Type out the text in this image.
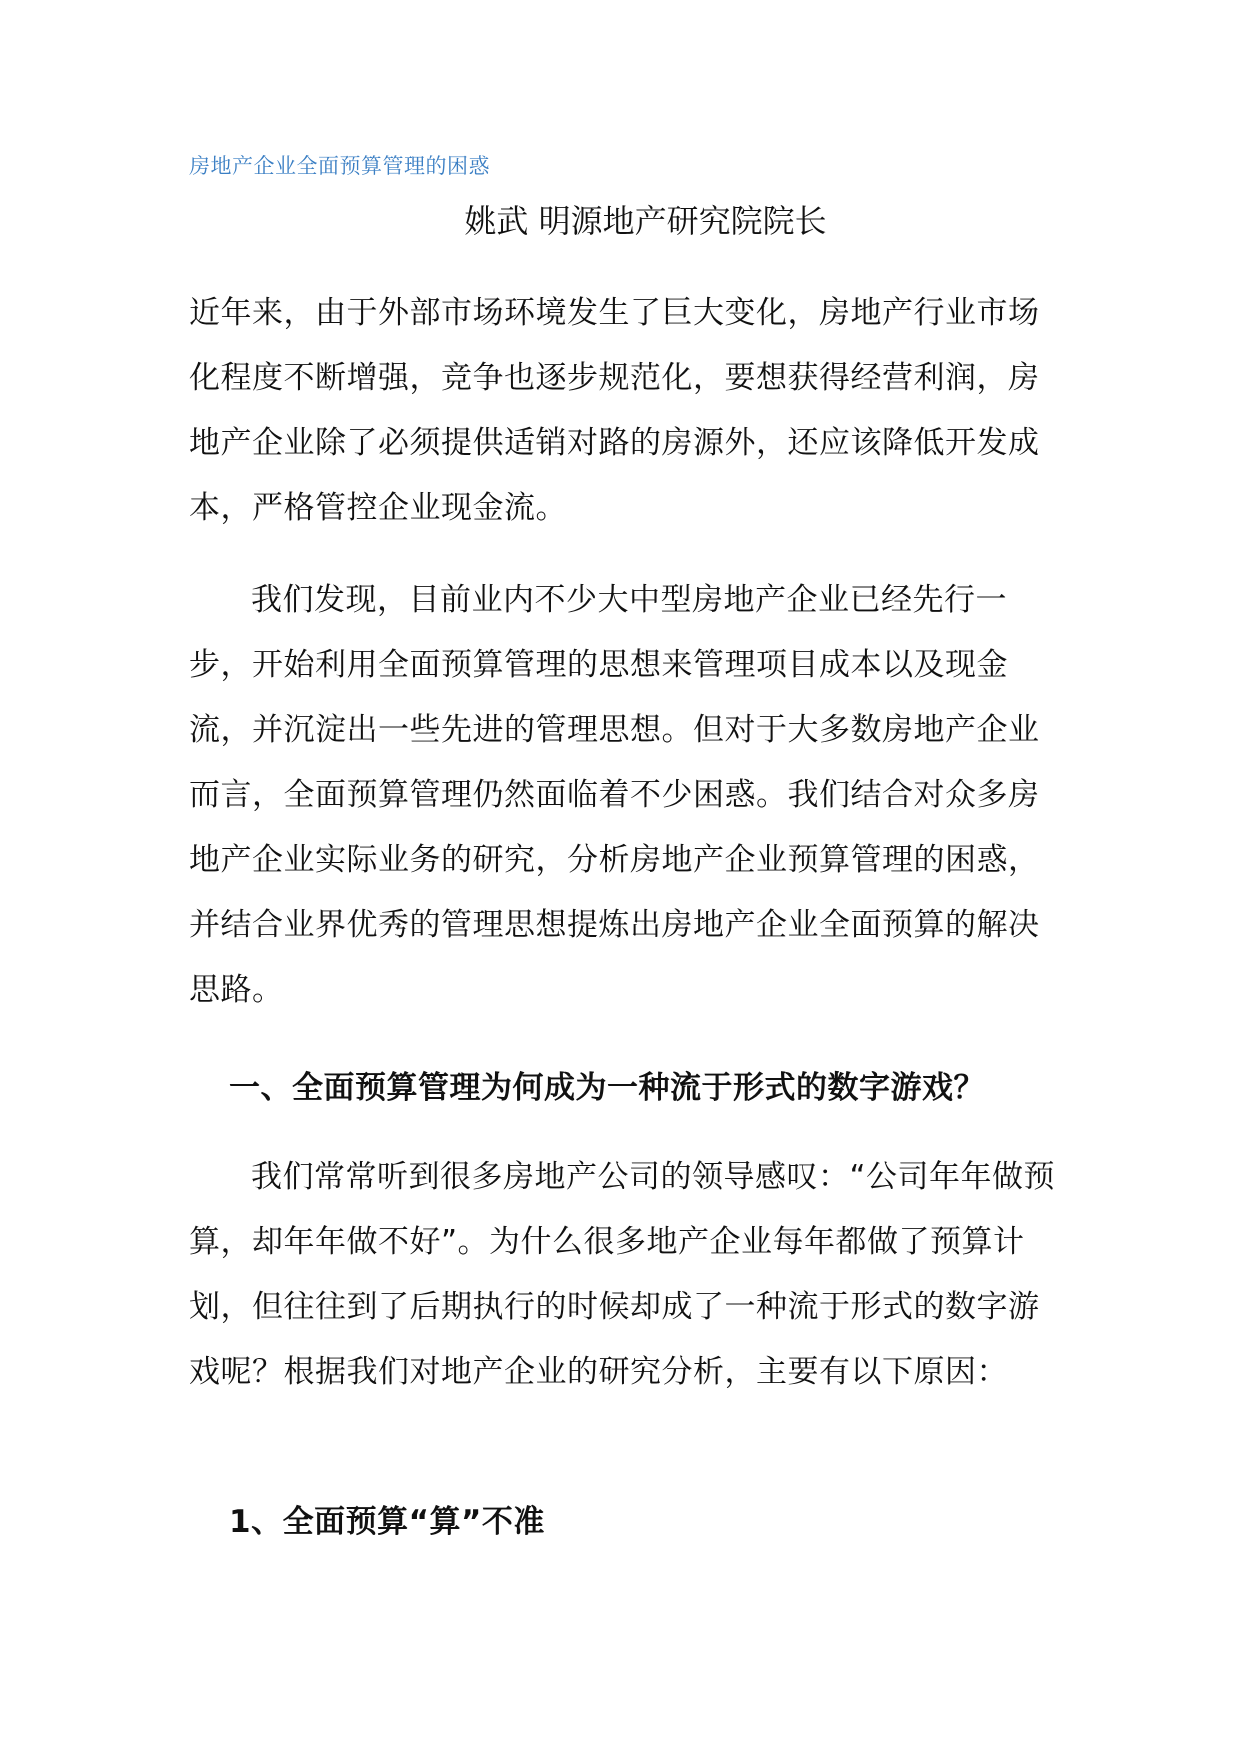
房地产企业全面预算管理的困惑
姚武 明源地产研究院院长

近年来，由于外部市场环境发生了巨大变化，房地产行业市场化程度不断增强，竞争也逐步规范化，要想获得经营利润，房地产企业除了必须提供适销对路的房源外，还应该降低开发成本，严格管控企业现金流。

我们发现，目前业内不少大中型房地产企业已经先行一步，开始利用全面预算管理的思想来管理项目成本以及现金流，并沉淀出一些先进的管理思想。但对于大多数房地产企业而言，全面预算管理仍然面临着不少困惑。我们结合对众多房地产企业实际业务的研究，分析房地产企业预算管理的困惑，并结合业界优秀的管理思想提炼出房地产企业全面预算的解决思路。

一、全面预算管理为何成为一种流于形式的数字游戏？

我们常常听到很多房地产公司的领导感叹：“公司年年做预算，却年年做不好”。为什么很多地产企业每年都做了预算计划，但往往到了后期执行的时候却成了一种流于形式的数字游戏呢？根据我们对地产企业的研究分析，主要有以下原因：

1、全面预算“算”不准
